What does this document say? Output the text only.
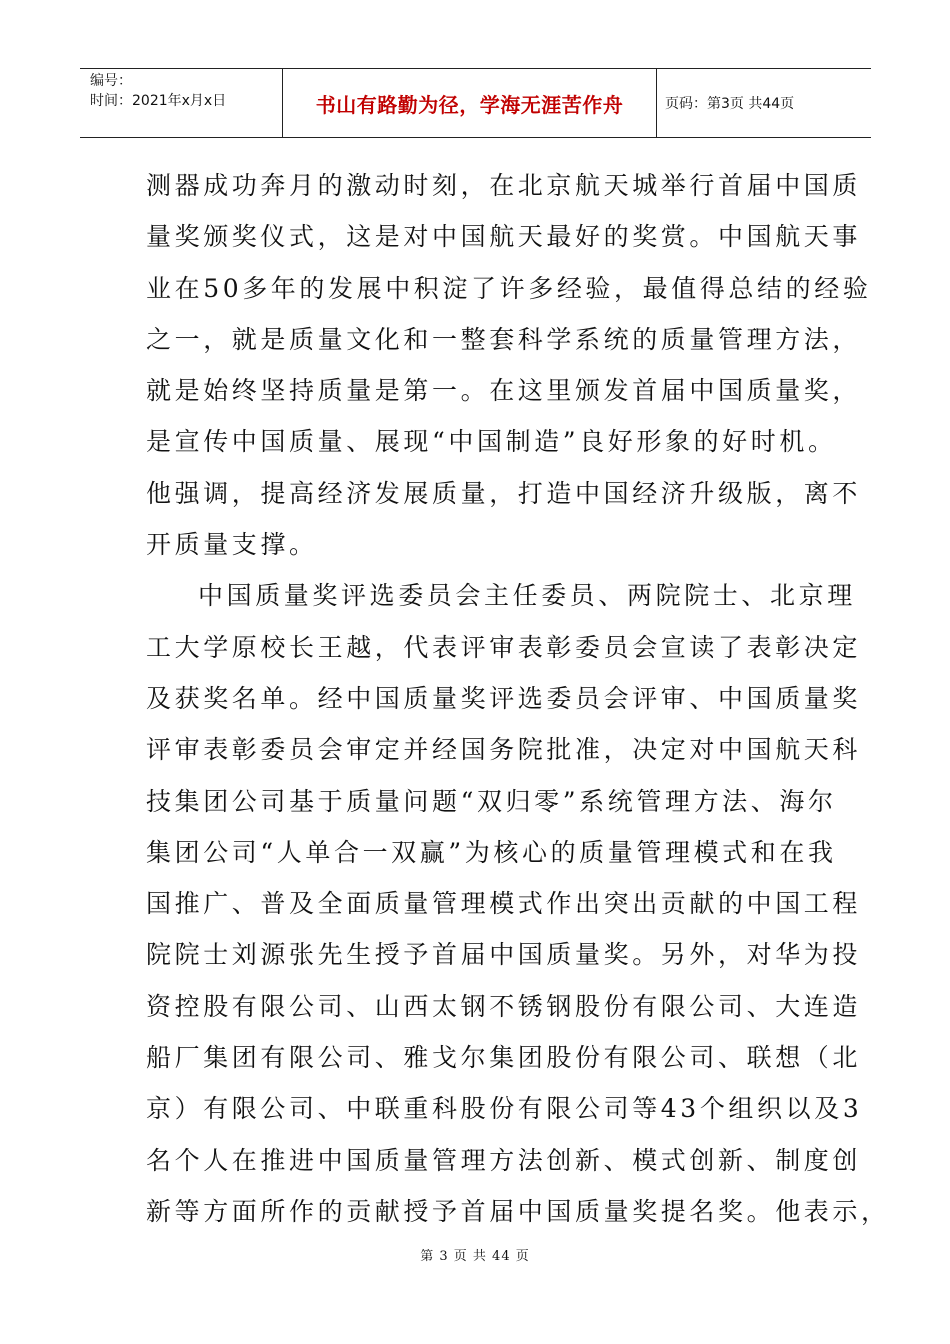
编号：
时间：2021年x月x日	书山有路勤为径，学海无涯苦作舟	页码：第3页 共44页
测器成功奔月的激动时刻，在北京航天城举行首届中国质
量奖颁奖仪式，这是对中国航天最好的奖赏。中国航天事
业在50多年的发展中积淀了许多经验，最值得总结的经验
之一，就是质量文化和一整套科学系统的质量管理方法，
就是始终坚持质量是第一。在这里颁发首届中国质量奖，
是宣传中国质量、展现“中国制造”良好形象的好时机。
他强调，提高经济发展质量，打造中国经济升级版，离不
开质量支撑。
中国质量奖评选委员会主任委员、两院院士、北京理
工大学原校长王越，代表评审表彰委员会宣读了表彰决定
及获奖名单。经中国质量奖评选委员会评审、中国质量奖
评审表彰委员会审定并经国务院批准，决定对中国航天科
技集团公司基于质量问题“双归零”系统管理方法、海尔
集团公司“人单合一双赢”为核心的质量管理模式和在我
国推广、普及全面质量管理模式作出突出贡献的中国工程
院院士刘源张先生授予首届中国质量奖。另外，对华为投
资控股有限公司、山西太钢不锈钢股份有限公司、大连造
船厂集团有限公司、雅戈尔集团股份有限公司、联想（北
京）有限公司、中联重科股份有限公司等43个组织以及3
名个人在推进中国质量管理方法创新、模式创新、制度创
新等方面所作的贡献授予首届中国质量奖提名奖。他表示，
第 3 页 共 44 页
